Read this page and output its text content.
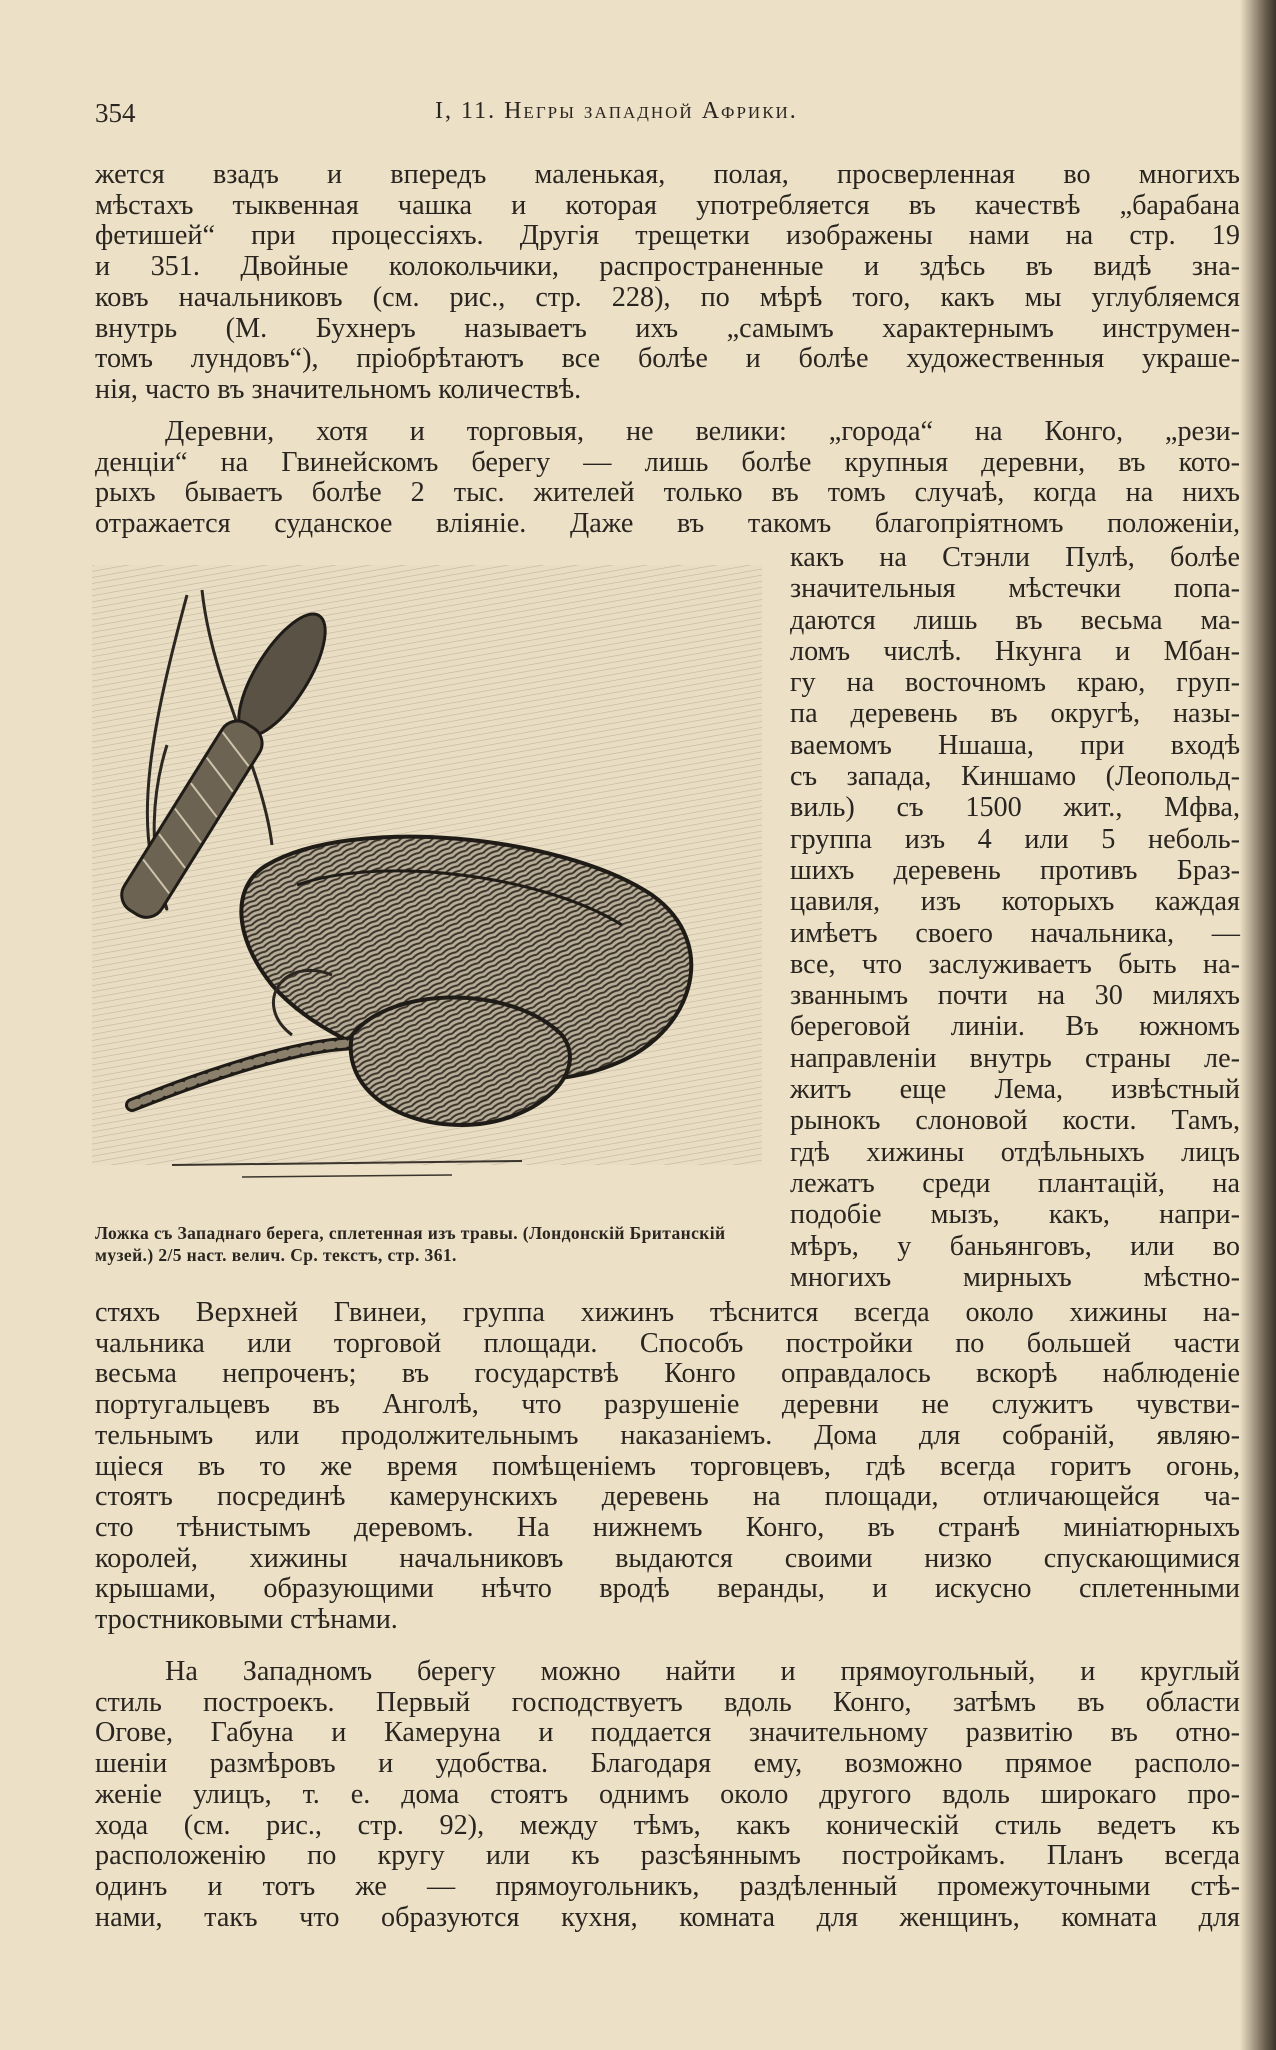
354	I, 11. Негры западной Африки.
жется взадъ и впередъ маленькая, полая, просверленная во многихъ
мѣстахъ тыквенная чашка и которая употребляется въ качествѣ „барабана
фетишей“ при процессіяхъ. Другія трещетки изображены нами на стр. 19
и 351. Двойные колокольчики, распространенные и здѣсь въ видѣ зна-
ковъ начальниковъ (см. рис., стр. 228), по мѣрѣ того, какъ мы углубляемся
внутрь (М. Бухнеръ называетъ ихъ „самымъ характернымъ инструмен-
томъ лундовъ“), пріобрѣтаютъ все болѣе и болѣе художественныя украше-
нія, часто въ значительномъ количествѣ.
Деревни, хотя и торговыя, не велики: „города“ на Конго, „рези-
денціи“ на Гвинейскомъ берегу — лишь болѣе крупныя деревни, въ кото-
рыхъ бываетъ болѣе 2 тыс. жителей только въ томъ случаѣ, когда на нихъ
отражается суданское вліяніе. Даже въ такомъ благопріятномъ положеніи,
Ложка съ Западнаго берега, сплетенная изъ травы. (Лондонскій Британскій музей.) 2/5 наст. велич. Ср. текстъ, стр. 361.
какъ на Стэнли Пулѣ, болѣе
значительныя мѣстечки попа-
даются лишь въ весьма ма-
ломъ числѣ. Нкунга и Мбан-
гу на восточномъ краю, груп-
па деревень въ округѣ, назы-
ваемомъ Ншаша, при входѣ
съ запада, Киншамо (Леопольд-
виль) съ 1500 жит., Мфва,
группа изъ 4 или 5 неболь-
шихъ деревень противъ Браз-
цавиля, изъ которыхъ каждая
имѣетъ своего начальника, —
все, что заслуживаетъ быть на-
званнымъ почти на 30 миляхъ
береговой линіи. Въ южномъ
направленіи внутрь страны ле-
житъ еще Лема, извѣстный
рынокъ слоновой кости. Тамъ,
гдѣ хижины отдѣльныхъ лицъ
лежатъ среди плантацій, на
подобіе мызъ, какъ, напри-
мѣръ, у баньянговъ, или во
многихъ мирныхъ мѣстно-
стяхъ Верхней Гвинеи, группа хижинъ тѣснится всегда около хижины на-
чальника или торговой площади. Способъ постройки по большей части
весьма непроченъ; въ государствѣ Конго оправдалось вскорѣ наблюденіе
португальцевъ въ Анголѣ, что разрушеніе деревни не служитъ чувстви-
тельнымъ или продолжительнымъ наказаніемъ. Дома для собраній, являю-
щіеся въ то же время помѣщеніемъ торговцевъ, гдѣ всегда горитъ огонь,
стоятъ посрединѣ камерунскихъ деревень на площади, отличающейся ча-
сто тѣнистымъ деревомъ. На нижнемъ Конго, въ странѣ миніатюрныхъ
королей, хижины начальниковъ выдаются своими низко спускающимися
крышами, образующими нѣчто вродѣ веранды, и искусно сплетенными
тростниковыми стѣнами.
На Западномъ берегу можно найти и прямоугольный, и круглый
стиль построекъ. Первый господствуетъ вдоль Конго, затѣмъ въ области
Огове, Габуна и Камеруна и поддается значительному развитію въ отно-
шеніи размѣровъ и удобства. Благодаря ему, возможно прямое располо-
женіе улицъ, т. е. дома стоятъ однимъ около другого вдоль широкаго про-
хода (см. рис., стр. 92), между тѣмъ, какъ коническій стиль ведетъ къ
расположенію по кругу или къ разсѣяннымъ постройкамъ. Планъ всегда
одинъ и тотъ же — прямоугольникъ, раздѣленный промежуточными стѣ-
нами, такъ что образуются кухня, комната для женщинъ, комната для
